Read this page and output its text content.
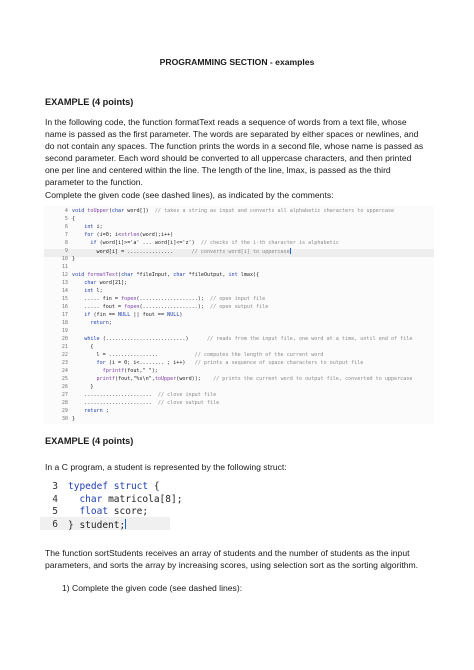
PROGRAMMING SECTION - examples
EXAMPLE (4 points)
In the following code, the function formatText reads a sequence of words from a text file, whose
name is passed as the first parameter. The words are separated by either spaces or newlines, and
do not contain any spaces. The function prints the words in a second file, whose name is passed as
second parameter. Each word should be converted to all uppercase characters, and then printed
one per line and centered within the line. The length of the line, lmax, is passed as the third
parameter to the function.
Complete the given code (see dashed lines), as indicated by the comments:
4 void toUpper(char word[])  // takes a string as input and converts all alphabetic characters to uppercase
5 {
6	int i;
7	for (i=0; i<strlen(word);i++)
8	if (word[i]>='a' ... word[i]<='z')  // checks if the i-th character is alphabetic
9 word[i] = ...............      // converts word[i] to uppercase
10 }
11
12 void formatText(char *fileInput, char *fileOutput, int lmax){
13	char word[21];
14	int l;
15 ..... fin = fopen(...................);  // open input file
16 ..... fout = fopen(..................);  // open output file
17	if (fin == NULL || fout == NULL)
18	return;
19
20	while (..........................)      // reads from the input file, one word at a time, until end of file
21 {
22 l = ................            // computes the length of the current word
23	for (i = 0; i<........ ; i++)   // prints a sequence of space characters to output file
24	fprintf(fout," ");
25	printf(fout,"%s\n",toUpper(word));    // prints the current word to output file, converted to uppercase
26 }
27 ......................  // close input file
28 ......................  // close output file
29	return ;
30 }
EXAMPLE (4 points)
In a C program, a student is represented by the following struct:
3 typedef struct {
4	char matricola[8];
5	float score;
6 } student;
The function sortStudents receives an array of students and the number of students as the input
parameters, and sorts the array by increasing scores, using selection sort as the sorting algorithm.
1) Complete the given code (see dashed lines):
